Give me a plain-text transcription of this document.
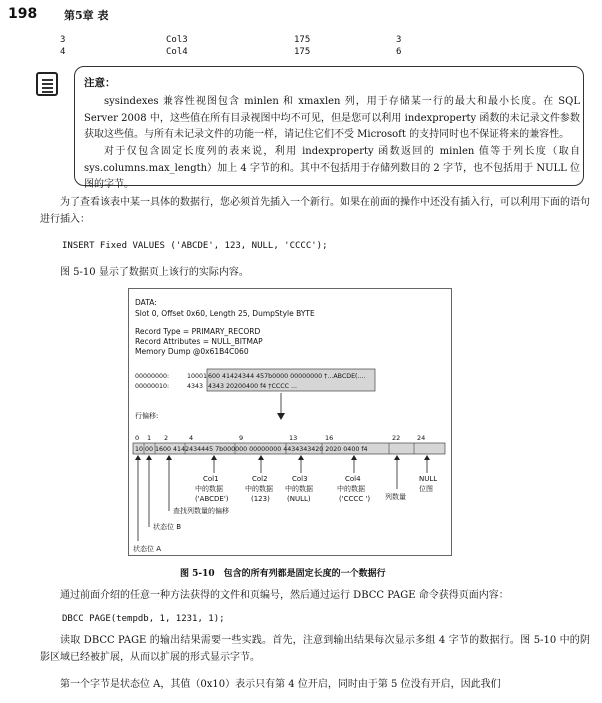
198 第5章 表
3	Col3	175	3
4	Col4	175	6
注意：
sysindexes 兼容性视图包含 minlen 和 xmaxlen 列，用于存储某一行的最大和最小长度。在 SQL Server 2008 中，这些值在所有目录视图中均不可见，但是您可以利用 indexproperty 函数的未记录文件参数获取这些值。与所有未记录文件的功能一样，请记住它们不受 Microsoft 的支持同时也不保证将来的兼容性。
对于仅包含固定长度列的表来说，利用 indexproperty 函数返回的 minlen 值等于列长度（取自 sys.columns.max_length）加上 4 字节的和。其中不包括用于存储列数目的 2 字节，也不包括用于 NULL 位图的字节。
为了查看该表中某一具体的数据行，您必须首先插入一个新行。如果在前面的操作中还没有插入行，可以利用下面的语句进行插入：
INSERT Fixed VALUES ('ABCDE', 123, NULL, 'CCCC');
图 5-10 显示了数据页上该行的实际内容。
DATA:
Slot 0, Offset 0x60, Length 25, DumpStyle BYTE
Record Type = PRIMARY_RECORD
Record Attributes = NULL_BITMAP
Memory Dump @0x61B4C060
00000000:	10001 600 41424344 457b0000 00000000 †...ABCDE(....
00000010:	4343 4343 20200400 f4 †CCCC ...
行偏移:
0 1 2	4	9	13	16	22	24
10 00 1600 4142434445 7b000000 00000000 4434343420 2020 0400 f4
Col1
中的数据
('ABCDE')
Col2
中的数据
(123)
Col3
中的数据
(NULL)
Col4
中的数据
('CCCC ')
NULL
位图
列数量
查找列数量的偏移
状态位 B
状态位 A
图 5-10　包含的所有列都是固定长度的一个数据行
通过前面介绍的任意一种方法获得的文件和页编号，然后通过运行 DBCC PAGE 命令获得页面内容：
DBCC PAGE(tempdb, 1, 1231, 1);
读取 DBCC PAGE 的输出结果需要一些实践。首先，注意到输出结果每次显示多组 4 字节的数据行。图 5-10 中的阴影区域已经被扩展，从而以扩展的形式显示字节。
第一个字节是状态位 A，其值（0x10）表示只有第 4 位开启，同时由于第 5 位没有开启，因此我们
